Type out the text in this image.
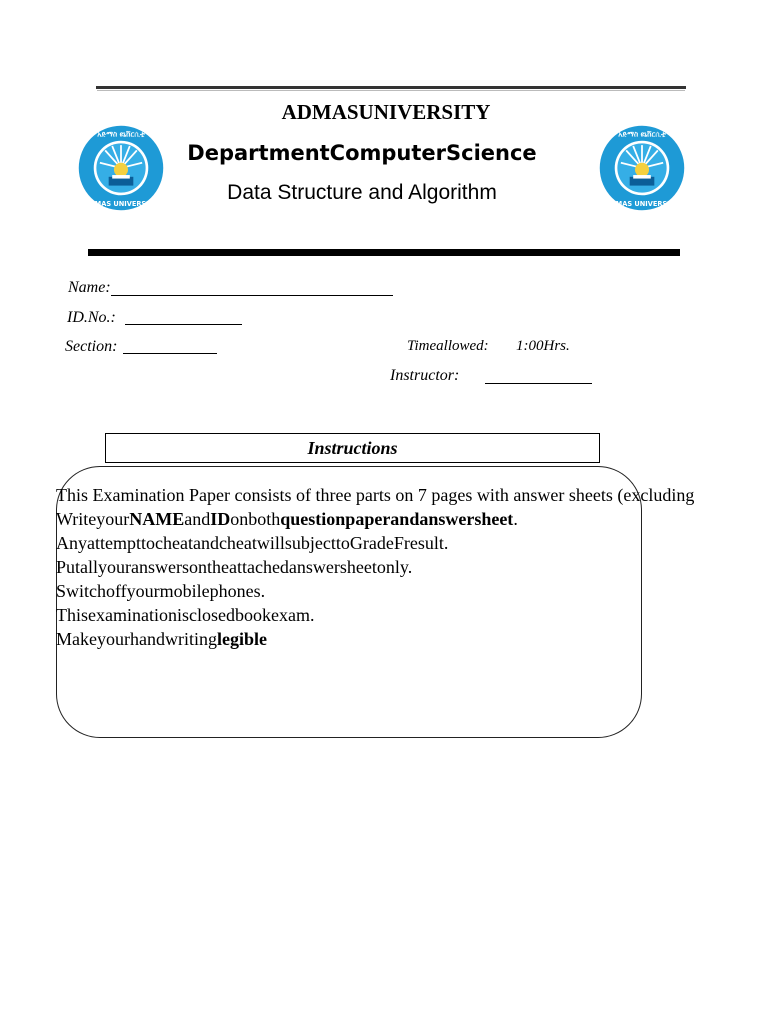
አድማስ ዩኒቨርሲቲ
ADMAS UNIVERSITY
አድማስ ዩኒቨርሲቲ
ADMAS UNIVERSITY
ADMASUNIVERSITY
DepartmentComputerScience
Data Structure and Algorithm
Name:
ID.No.:
Section:	Timeallowed: 1:00Hrs.
Instructor:
Instructions
This Examination Paper consists of three parts on 7 pages with answer sheets (excluding
WriteyourNAMEandIDonbothquestionpaperandanswersheet.
AnyattempttocheatandcheatwillsubjecttoGradeFresult.
Putallyouranswersontheattachedanswersheetonly.
Switchoffyourmobilephones.
Thisexaminationisclosedbookexam.
Makeyourhandwritinglegible
